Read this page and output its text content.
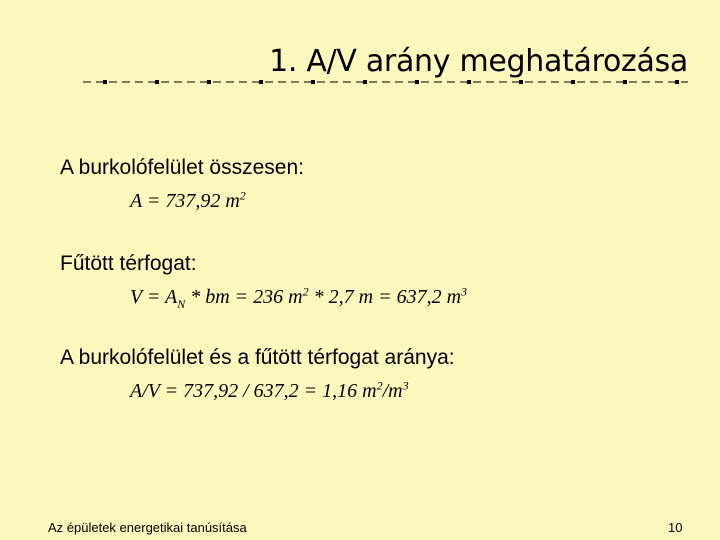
1. A/V arány meghatározása
A burkolófelület összesen:
A = 737,92 $m^2$
Fűtött térfogat:
$V = A_N$ * bm = 236 $m^2 * 2,7$ m = 637,2 $m^3$
A burkolófelület és a fűtött térfogat aránya:
A/V = 737,92 / 637,2 = 1,16 $m^2/m^3$
Az épületek energetikai tanúsítása	10
